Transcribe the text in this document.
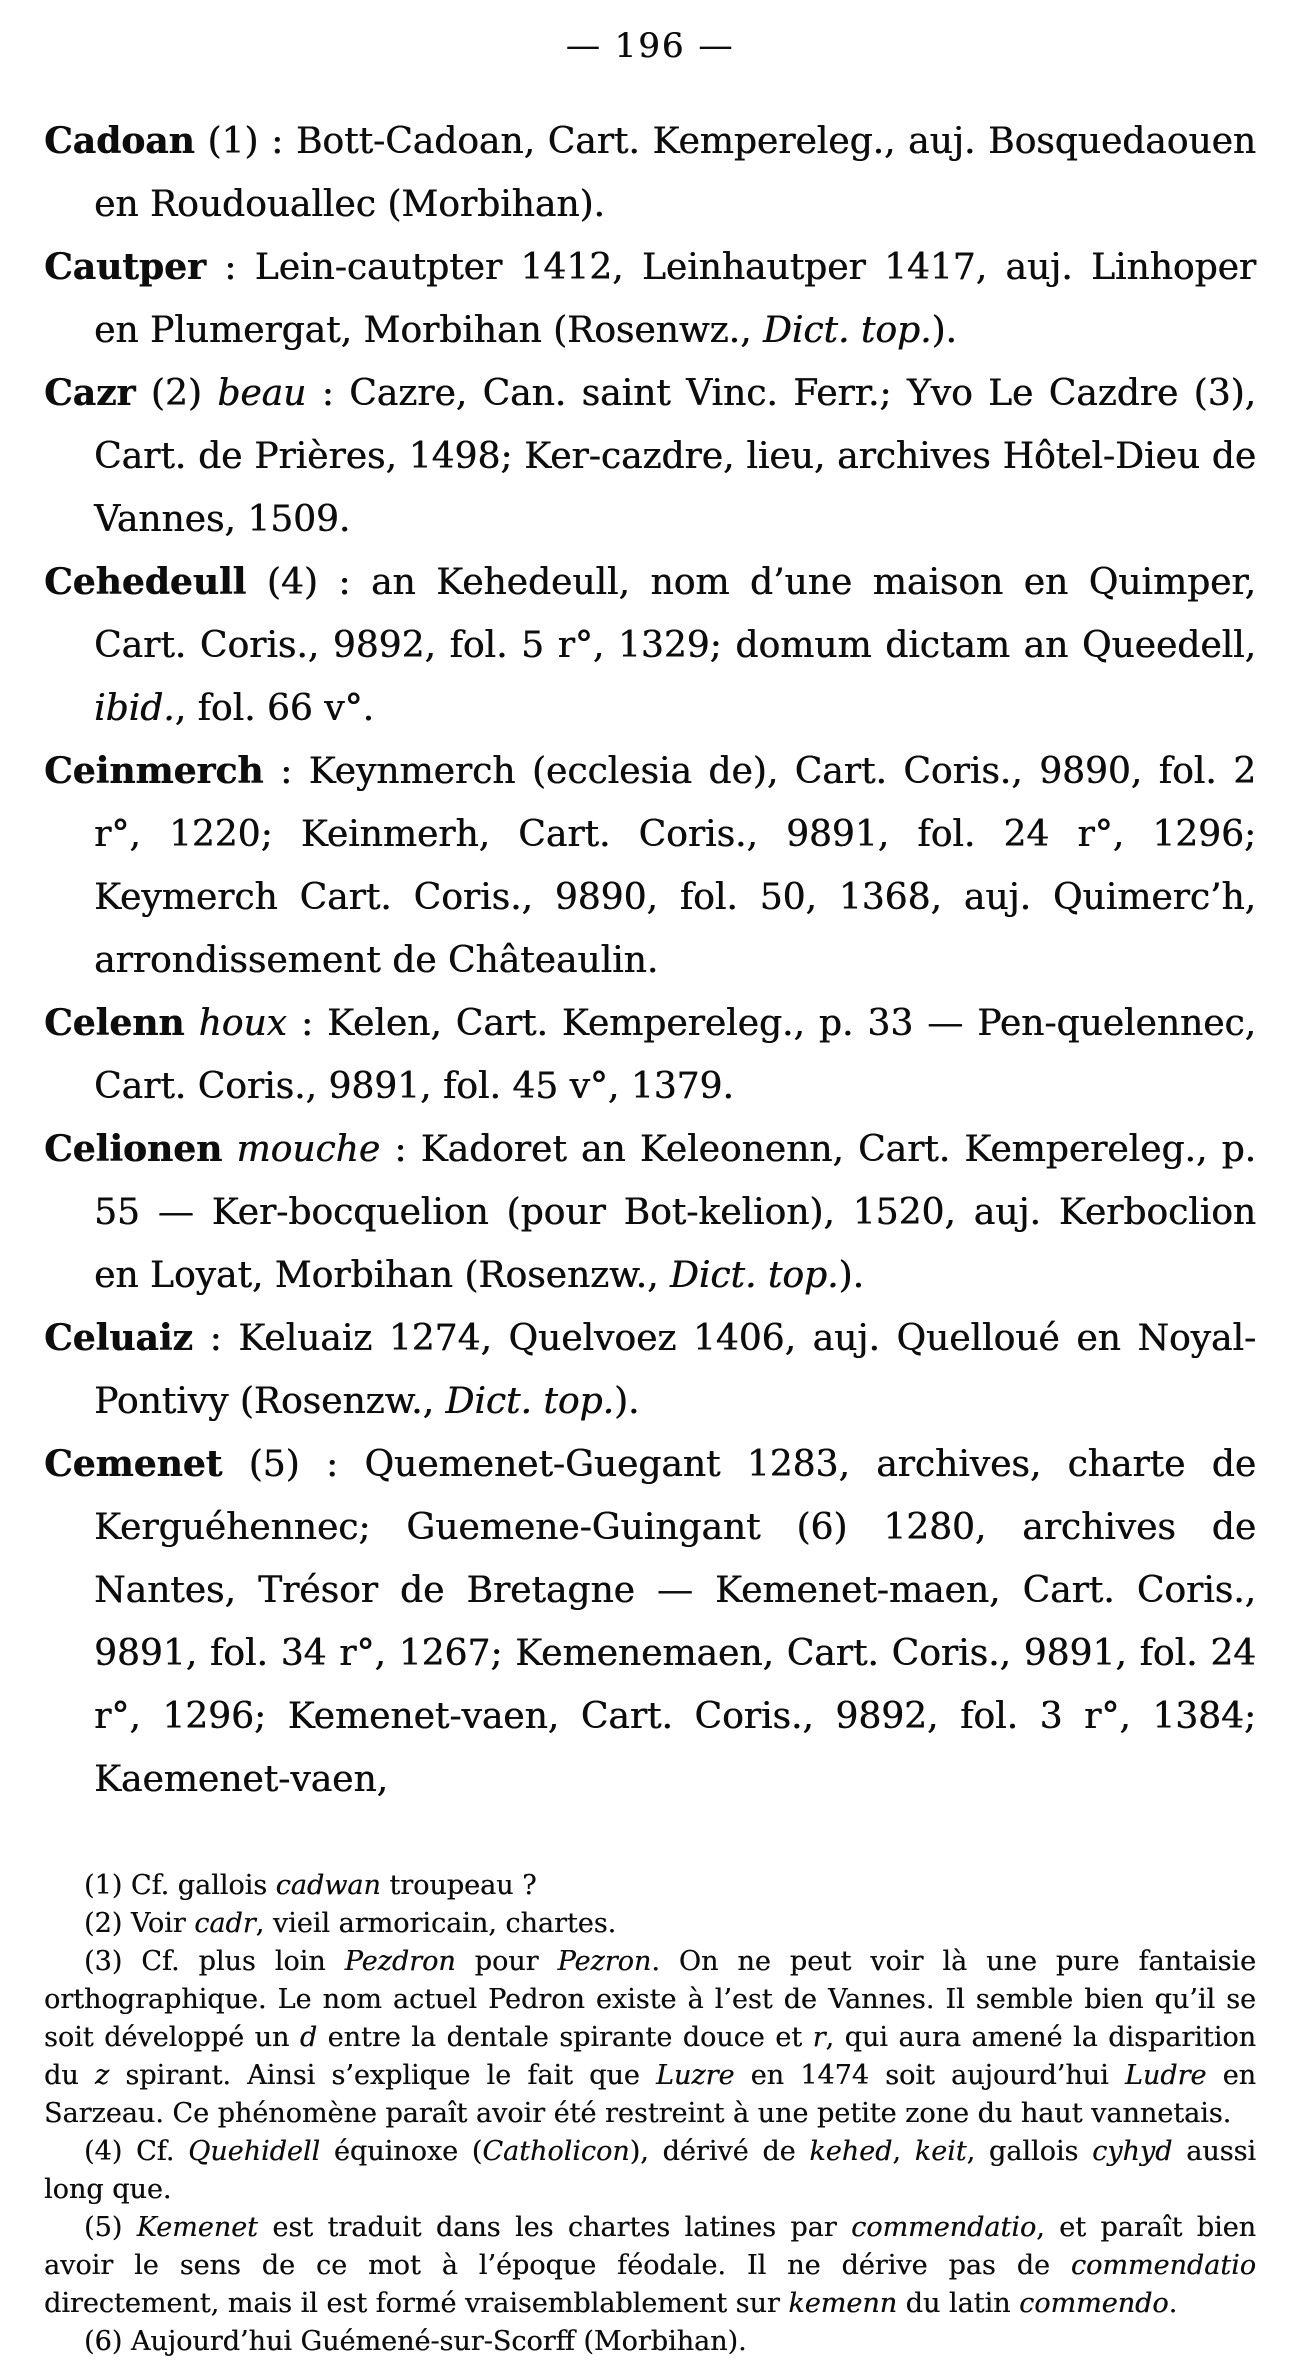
— 196 —

Cadoan (1) : Bott-Cadoan, Cart. Kempereleg., auj. Bosquedaouen en Roudouallec (Morbihan).

Cautper : Lein-cautpter 1412, Leinhautper 1417, auj. Linhoper en Plumergat, Morbihan (Rosenwz., Dict. top.).

Cazr (2) beau : Cazre, Can. saint Vinc. Ferr.; Yvo Le Cazdre (3), Cart. de Prières, 1498; Ker-cazdre, lieu, archives Hôtel-Dieu de Vannes, 1509.

Cehedeull (4) : an Kehedeull, nom d’une maison en Quimper, Cart. Coris., 9892, fol. 5 r°, 1329; domum dictam an Queedell, ibid., fol. 66 v°.

Ceinmerch : Keynmerch (ecclesia de), Cart. Coris., 9890, fol. 2 r°, 1220; Keinmerh, Cart. Coris., 9891, fol. 24 r°, 1296; Keymerch Cart. Coris., 9890, fol. 50, 1368, auj. Quimerc’h, arrondissement de Châteaulin.

Celenn houx : Kelen, Cart. Kempereleg., p. 33 — Pen-quelennec, Cart. Coris., 9891, fol. 45 v°, 1379.

Celionen mouche : Kadoret an Keleonenn, Cart. Kempereleg., p. 55 — Ker-bocquelion (pour Bot-kelion), 1520, auj. Kerboclion en Loyat, Morbihan (Rosenzw., Dict. top.).

Celuaiz : Keluaiz 1274, Quelvoez 1406, auj. Quelloué en Noyal-Pontivy (Rosenzw., Dict. top.).

Cemenet (5) : Quemenet-Guegant 1283, archives, charte de Kerguéhennec; Guemene-Guingant (6) 1280, archives de Nantes, Trésor de Bretagne — Kemenet-maen, Cart. Coris., 9891, fol. 34 r°, 1267; Kemenemaen, Cart. Coris., 9891, fol. 24 r°, 1296; Kemenet-vaen, Cart. Coris., 9892, fol. 3 r°, 1384; Kaemenet-vaen,

(1) Cf. gallois cadwan troupeau ?

(2) Voir cadr, vieil armoricain, chartes.

(3) Cf. plus loin Pezdron pour Pezron. On ne peut voir là une pure fantaisie orthographique. Le nom actuel Pedron existe à l’est de Vannes. Il semble bien qu’il se soit développé un d entre la dentale spirante douce et r, qui aura amené la disparition du z spirant. Ainsi s’explique le fait que Luzre en 1474 soit aujourd’hui Ludre en Sarzeau. Ce phénomène paraît avoir été restreint à une petite zone du haut vannetais.

(4) Cf. Quehidell équinoxe (Catholicon), dérivé de kehed, keit, gallois cyhyd aussi long que.

(5) Kemenet est traduit dans les chartes latines par commendatio, et paraît bien avoir le sens de ce mot à l’époque féodale. Il ne dérive pas de commendatio directement, mais il est formé vraisemblablement sur kemenn du latin commendo.

(6) Aujourd’hui Guémené-sur-Scorff (Morbihan).
